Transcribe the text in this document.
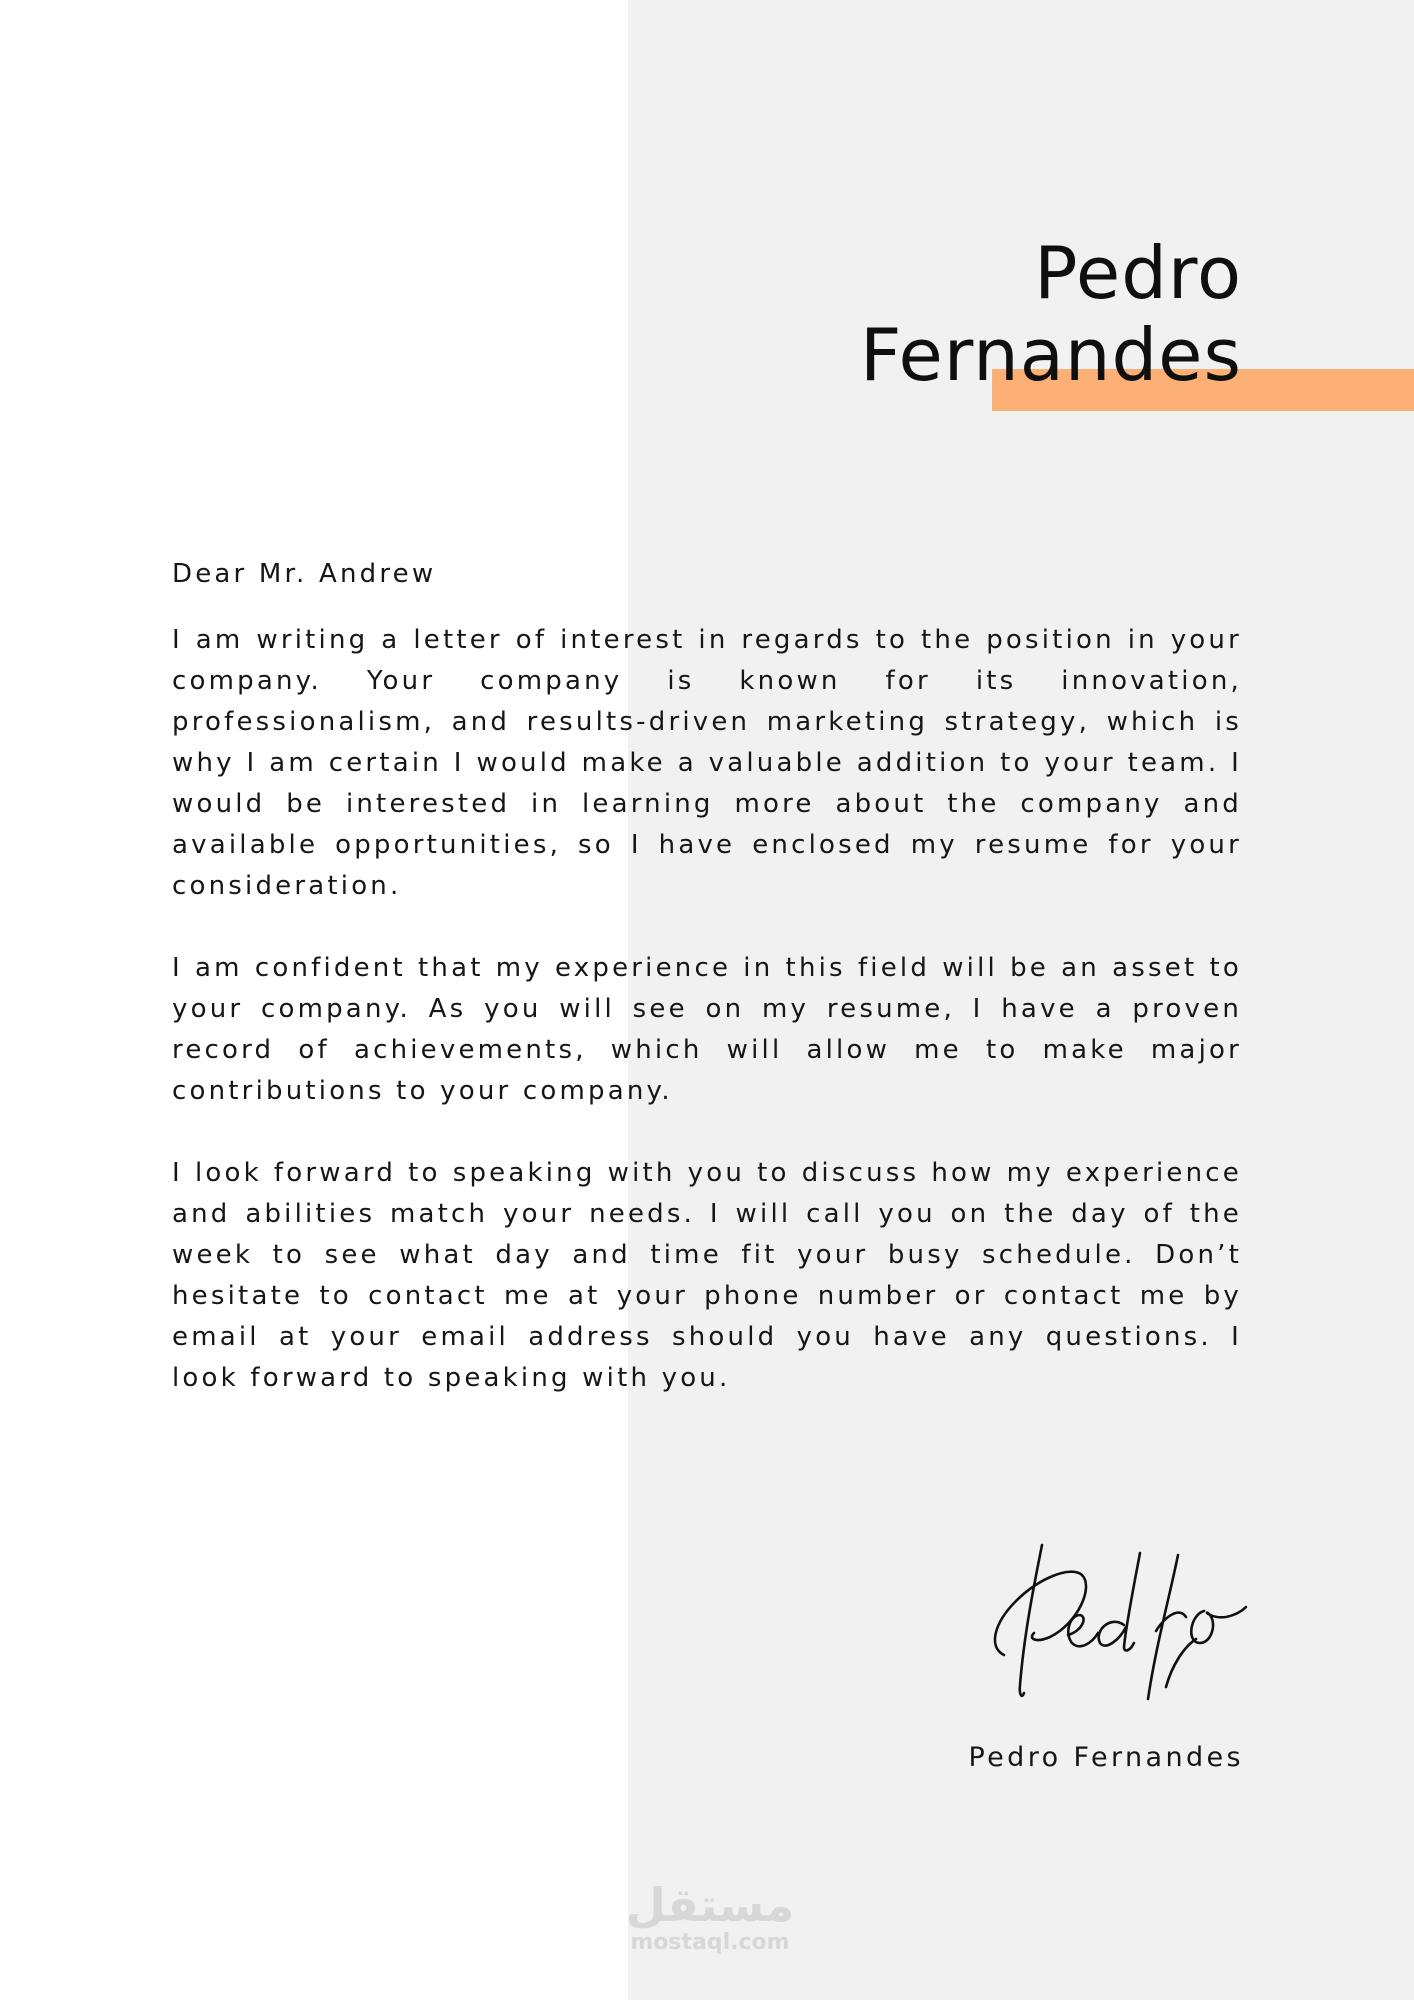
Pedro
Fernandes

Dear Mr. Andrew

I am writing a letter of interest in regards to the position in your company. Your company is known for its innovation, professionalism, and results-driven marketing strategy, which is why I am certain I would make a valuable addition to your team. I would be interested in learning more about the company and available opportunities, so I have enclosed my resume for your consideration.

I am confident that my experience in this field will be an asset to your company. As you will see on my resume, I have a proven record of achievements, which will allow me to make major contributions to your company.

I look forward to speaking with you to discuss how my experience and abilities match your needs. I will call you on the day of the week to see what day and time fit your busy schedule. Don’t hesitate to contact me at your phone number or contact me by email at your email address should you have any questions. I look forward to speaking with you.

Pedro Fernandes
مستقل
mostaql.com
